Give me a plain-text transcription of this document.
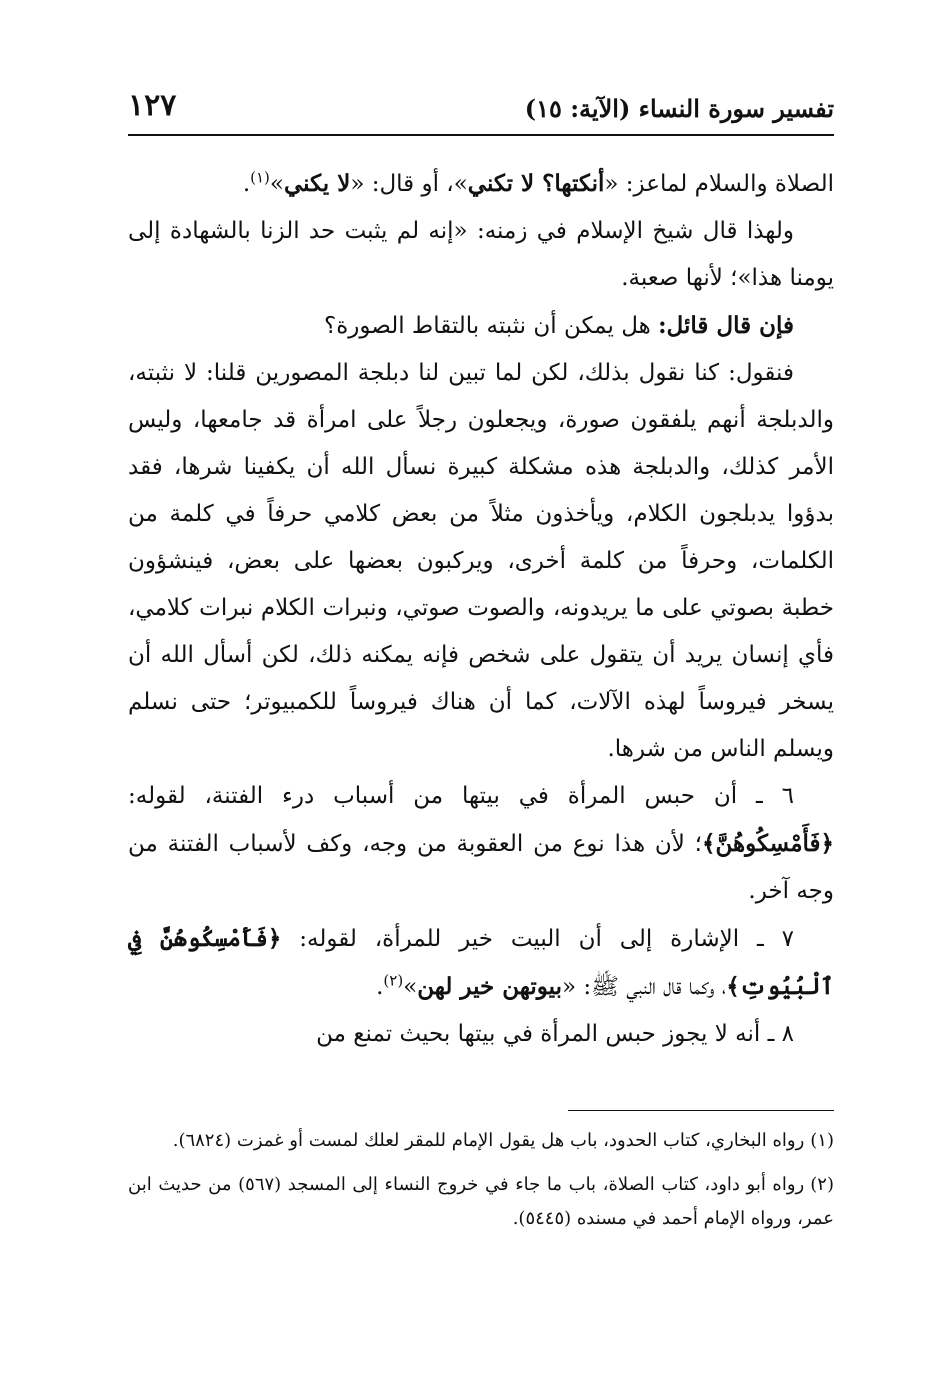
تفسير سورة النساء (الآية: ١٥)
١٢٧

الصلاة والسلام لماعز: «أنكتها؟ لا تكني»، أو قال: «لا يكني»$^{(١)}$.

ولهذا قال شيخ الإسلام في زمنه: «إنه لم يثبت حد الزنا بالشهادة إلى يومنا هذا»؛ لأنها صعبة.

فإن قال قائل: هل يمكن أن نثبته بالتقاط الصورة؟

فنقول: كنا نقول بذلك، لكن لما تبين لنا دبلجة المصورين قلنا: لا نثبته، والدبلجة أنهم يلفقون صورة، ويجعلون رجلاً على امرأة قد جامعها، وليس الأمر كذلك، والدبلجة هذه مشكلة كبيرة نسأل الله أن يكفينا شرها، فقد بدؤوا يدبلجون الكلام، ويأخذون مثلاً من بعض كلامي حرفاً في كلمة من الكلمات، وحرفاً من كلمة أخرى، ويركبون بعضها على بعض، فينشؤون خطبة بصوتي على ما يريدونه، والصوت صوتي، ونبرات الكلام نبرات كلامي، فأي إنسان يريد أن يتقول على شخص فإنه يمكنه ذلك، لكن أسأل الله أن يسخر فيروساً لهذه الآلات، كما أن هناك فيروساً للكمبيوتر؛ حتى نسلم ويسلم الناس من شرها.

٦ ـ أن حبس المرأة في بيتها من أسباب درء الفتنة، لقوله: ﴿فَأَمْسِكُوهُنَّ﴾؛ لأن هذا نوع من العقوبة من وجه، وكف لأسباب الفتنة من وجه آخر.

٧ ـ الإشارة إلى أن البيت خير للمرأة، لقوله: ﴿فَأَمْسِكُوهُنَّ فِي ٱلْبُيُوتِ﴾، وكما قال النبي ﷺ: «بيوتهن خير لهن»$^{(٢)}$.

٨ ـ أنه لا يجوز حبس المرأة في بيتها بحيث تمنع من

(١)رواه البخاري، كتاب الحدود، باب هل يقول الإمام للمقر لعلك لمست أو غمزت (٦٨٢٤).

(٢)رواه أبو داود، كتاب الصلاة، باب ما جاء في خروج النساء إلى المسجد (٥٦٧) من حديث ابن عمر، ورواه الإمام أحمد في مسنده (٥٤٤٥).
